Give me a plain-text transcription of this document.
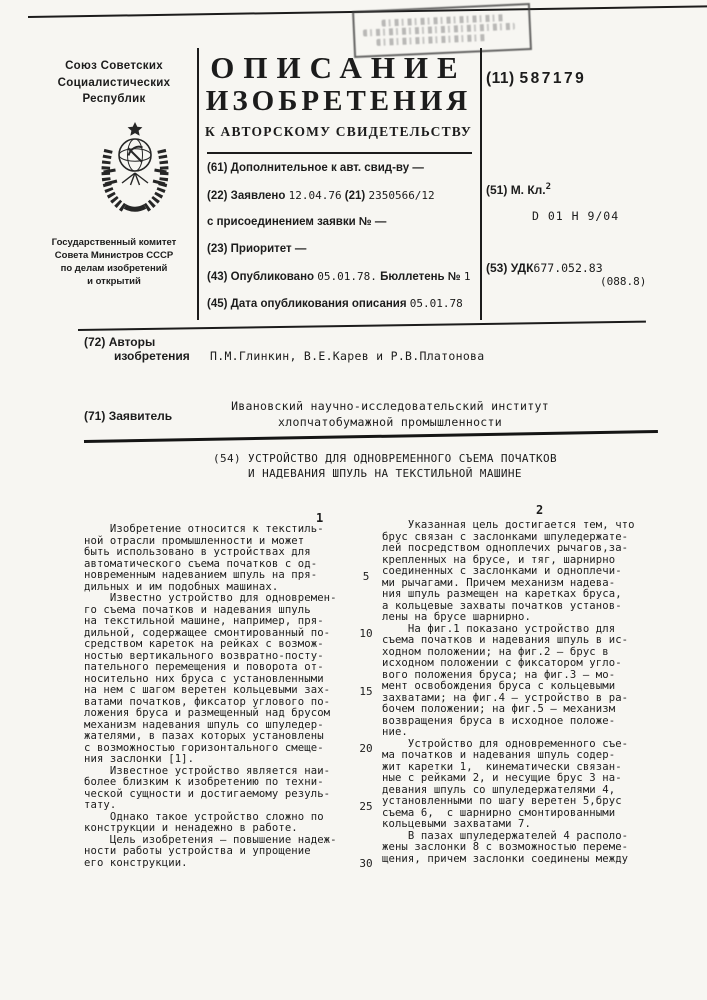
Союз Советских
Социалистических
Республик
Государственный комитет
Совета Министров СССР
по делам изобретений
и открытий
ОПИСАНИЕ
ИЗОБРЕТЕНИЯ
К АВТОРСКОМУ СВИДЕТЕЛЬСТВУ
(61) Дополнительное к авт. свид-ву —
(22) Заявлено 12.04.76 (21) 2350566/12
с присоединением заявки № —
(23) Приоритет —
(43) Опубликовано 05.01.78. Бюллетень № 1
(45) Дата опубликования описания 05.01.78
(11) 587179
(51) М. Кл.$^2$
D 01 H 9/04
(53) УДК677.052.83
(088.8)
(72) Авторы
изобретения П.М.Глинкин, В.Е.Карев и Р.В.Платонова
(71) Заявитель
Ивановский научно-исследовательский институт
хлопчатобумажной промышленности
(54) УСТРОЙСТВО ДЛЯ ОДНОВРЕМЕННОГО СЪЕМА ПОЧАТКОВ
И НАДЕВАНИЯ ШПУЛЬ НА ТЕКСТИЛЬНОЙ МАШИНЕ
1
2
Изобретение относится к текстиль-
ной отрасли промышленности и может
быть использовано в устройствах для
автоматического съема початков с од-
новременным надеванием шпуль на пря-
дильных и им подобных машинах.
Известно устройство для одновремен-
го съема початков и надевания шпуль
на текстильной машине, например, пря-
дильной, содержащее смонтированный по-
средством кареток на рейках с возмож-
ностью вертикального возвратно-посту-
пательного перемещения и поворота от-
носительно них бруса с установленными
на нем с шагом веретен кольцевыми зах-
ватами початков, фиксатор углового по-
ложения бруса и размещенный над брусом
механизм надевания шпуль со шпуледер-
жателями, в пазах которых установлены
с возможностью горизонтального смеще-
ния заслонки [1].
Известное устройство является наи-
более близким к изобретению по техни-
ческой сущности и достигаемому резуль-
тату.
Однако такое устройство сложно по
конструкции и ненадежно в работе.
Цель изобретения — повышение надеж-
ности работы устройства и упрощение
его конструкции.
Указанная цель достигается тем, что
брус связан с заслонками шпуледержате-
лей посредством одноплечих рычагов,за-
крепленных на брусе, и тяг, шарнирно
соединенных с заслонками и одноплечи-
ми рычагами. Причем механизм надева-
ния шпуль размещен на каретках бруса,
а кольцевые захваты початков установ-
лены на брусе шарнирно.
На фиг.1 показано устройство для
съема початков и надевания шпуль в ис-
ходном положении; на фиг.2 — брус в
исходном положении с фиксатором угло-
вого положения бруса; на фиг.3 — мо-
мент освобождения бруса с кольцевыми
захватами; на фиг.4 — устройство в ра-
бочем положении; на фиг.5 — механизм
возвращения бруса в исходное положе-
ние.
Устройство для одновременного съе-
ма початков и надевания шпуль содер-
жит каретки 1,  кинематически связан-
ные с рейками 2, и несущие брус 3 на-
девания шпуль со шпуледержателями 4,
установленными по шагу веретен 5,брус
съема 6,  с шарнирно смонтированными
кольцевыми захватами 7.
В пазах шпуледержателей 4 располо-
жены заслонки 8 с возможностью переме-
щения, причем заслонки соединены между
5
10
15
20
25
30
